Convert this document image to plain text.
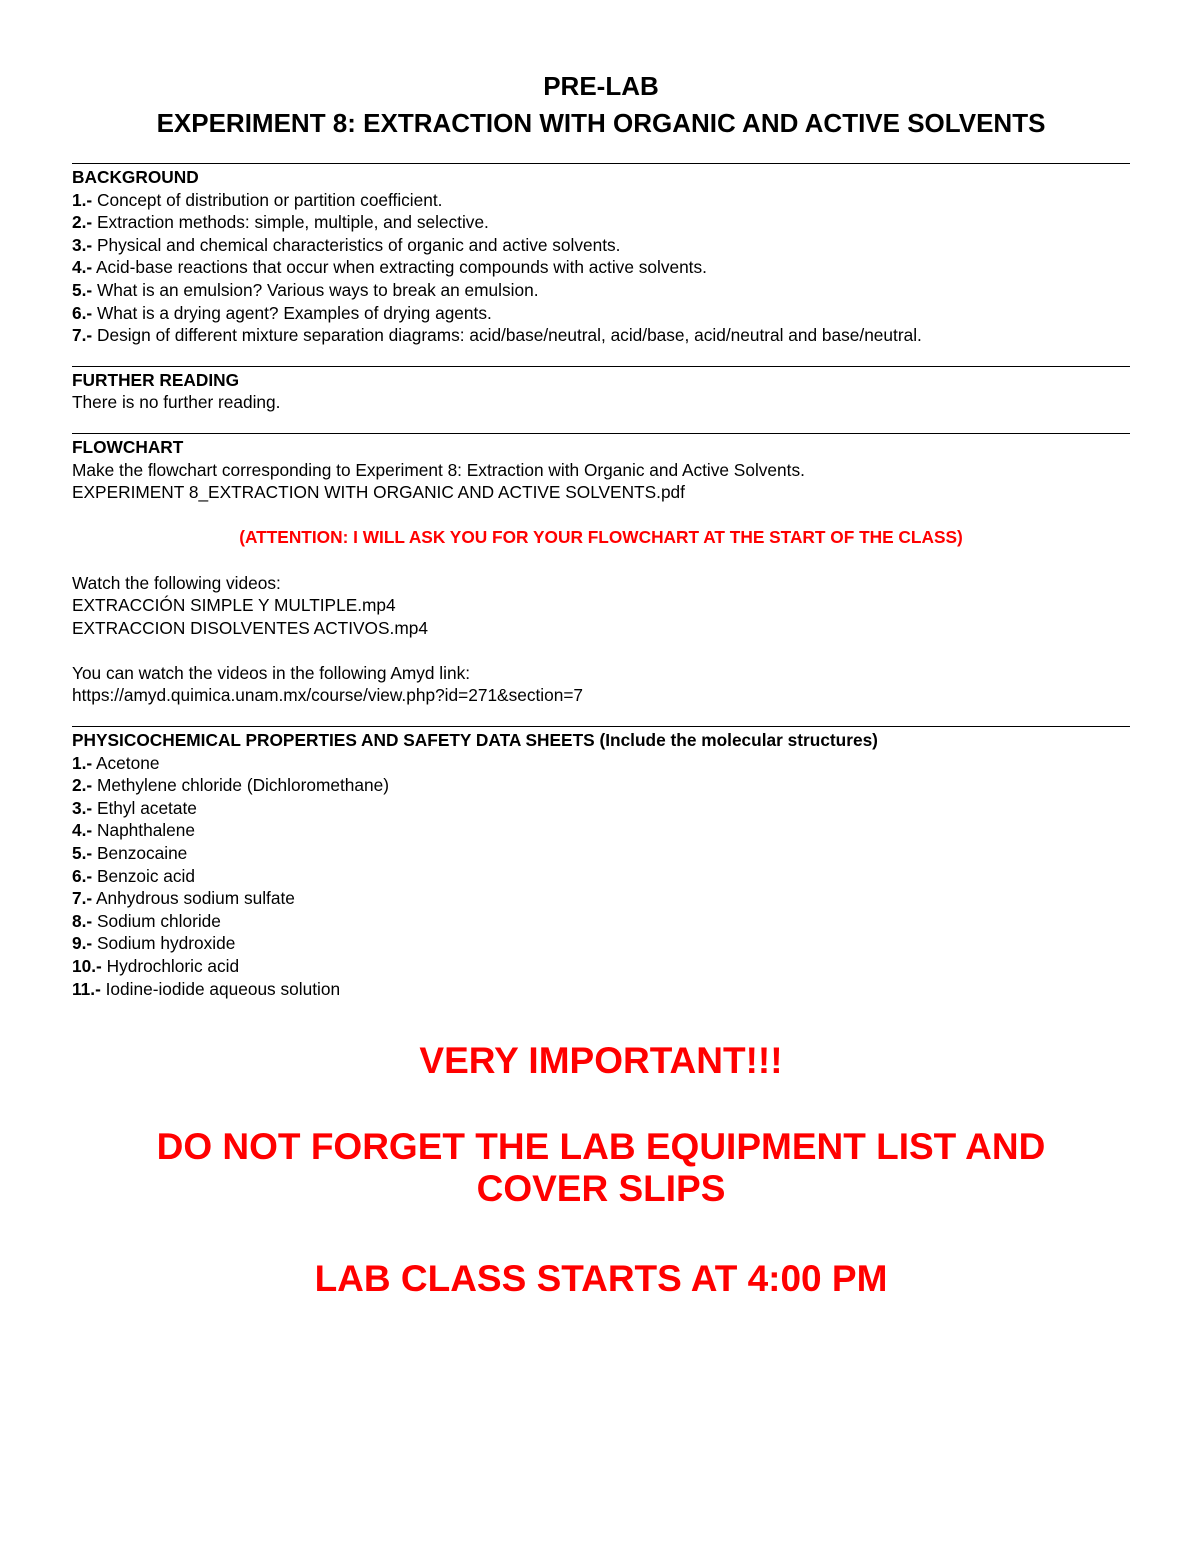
PRE-LAB
EXPERIMENT 8: EXTRACTION WITH ORGANIC AND ACTIVE SOLVENTS
BACKGROUND
1.- Concept of distribution or partition coefficient.
2.- Extraction methods: simple, multiple, and selective.
3.- Physical and chemical characteristics of organic and active solvents.
4.- Acid-base reactions that occur when extracting compounds with active solvents.
5.- What is an emulsion? Various ways to break an emulsion.
6.- What is a drying agent? Examples of drying agents.
7.- Design of different mixture separation diagrams: acid/base/neutral, acid/base, acid/neutral and base/neutral.
FURTHER READING
There is no further reading.
FLOWCHART
Make the flowchart corresponding to Experiment 8: Extraction with Organic and Active Solvents.
EXPERIMENT 8_EXTRACTION WITH ORGANIC AND ACTIVE SOLVENTS.pdf
(ATTENTION: I WILL ASK YOU FOR YOUR FLOWCHART AT THE START OF THE CLASS)
Watch the following videos:
EXTRACCIÓN SIMPLE Y MULTIPLE.mp4
EXTRACCION DISOLVENTES ACTIVOS.mp4
You can watch the videos in the following Amyd link:
https://amyd.quimica.unam.mx/course/view.php?id=271&section=7
PHYSICOCHEMICAL PROPERTIES AND SAFETY DATA SHEETS (Include the molecular structures)
1.- Acetone
2.- Methylene chloride (Dichloromethane)
3.- Ethyl acetate
4.- Naphthalene
5.- Benzocaine
6.- Benzoic acid
7.- Anhydrous sodium sulfate
8.- Sodium chloride
9.- Sodium hydroxide
10.- Hydrochloric acid
11.- Iodine-iodide aqueous solution
VERY IMPORTANT!!!
DO NOT FORGET THE LAB EQUIPMENT LIST AND
COVER SLIPS
LAB CLASS STARTS AT 4:00 PM
